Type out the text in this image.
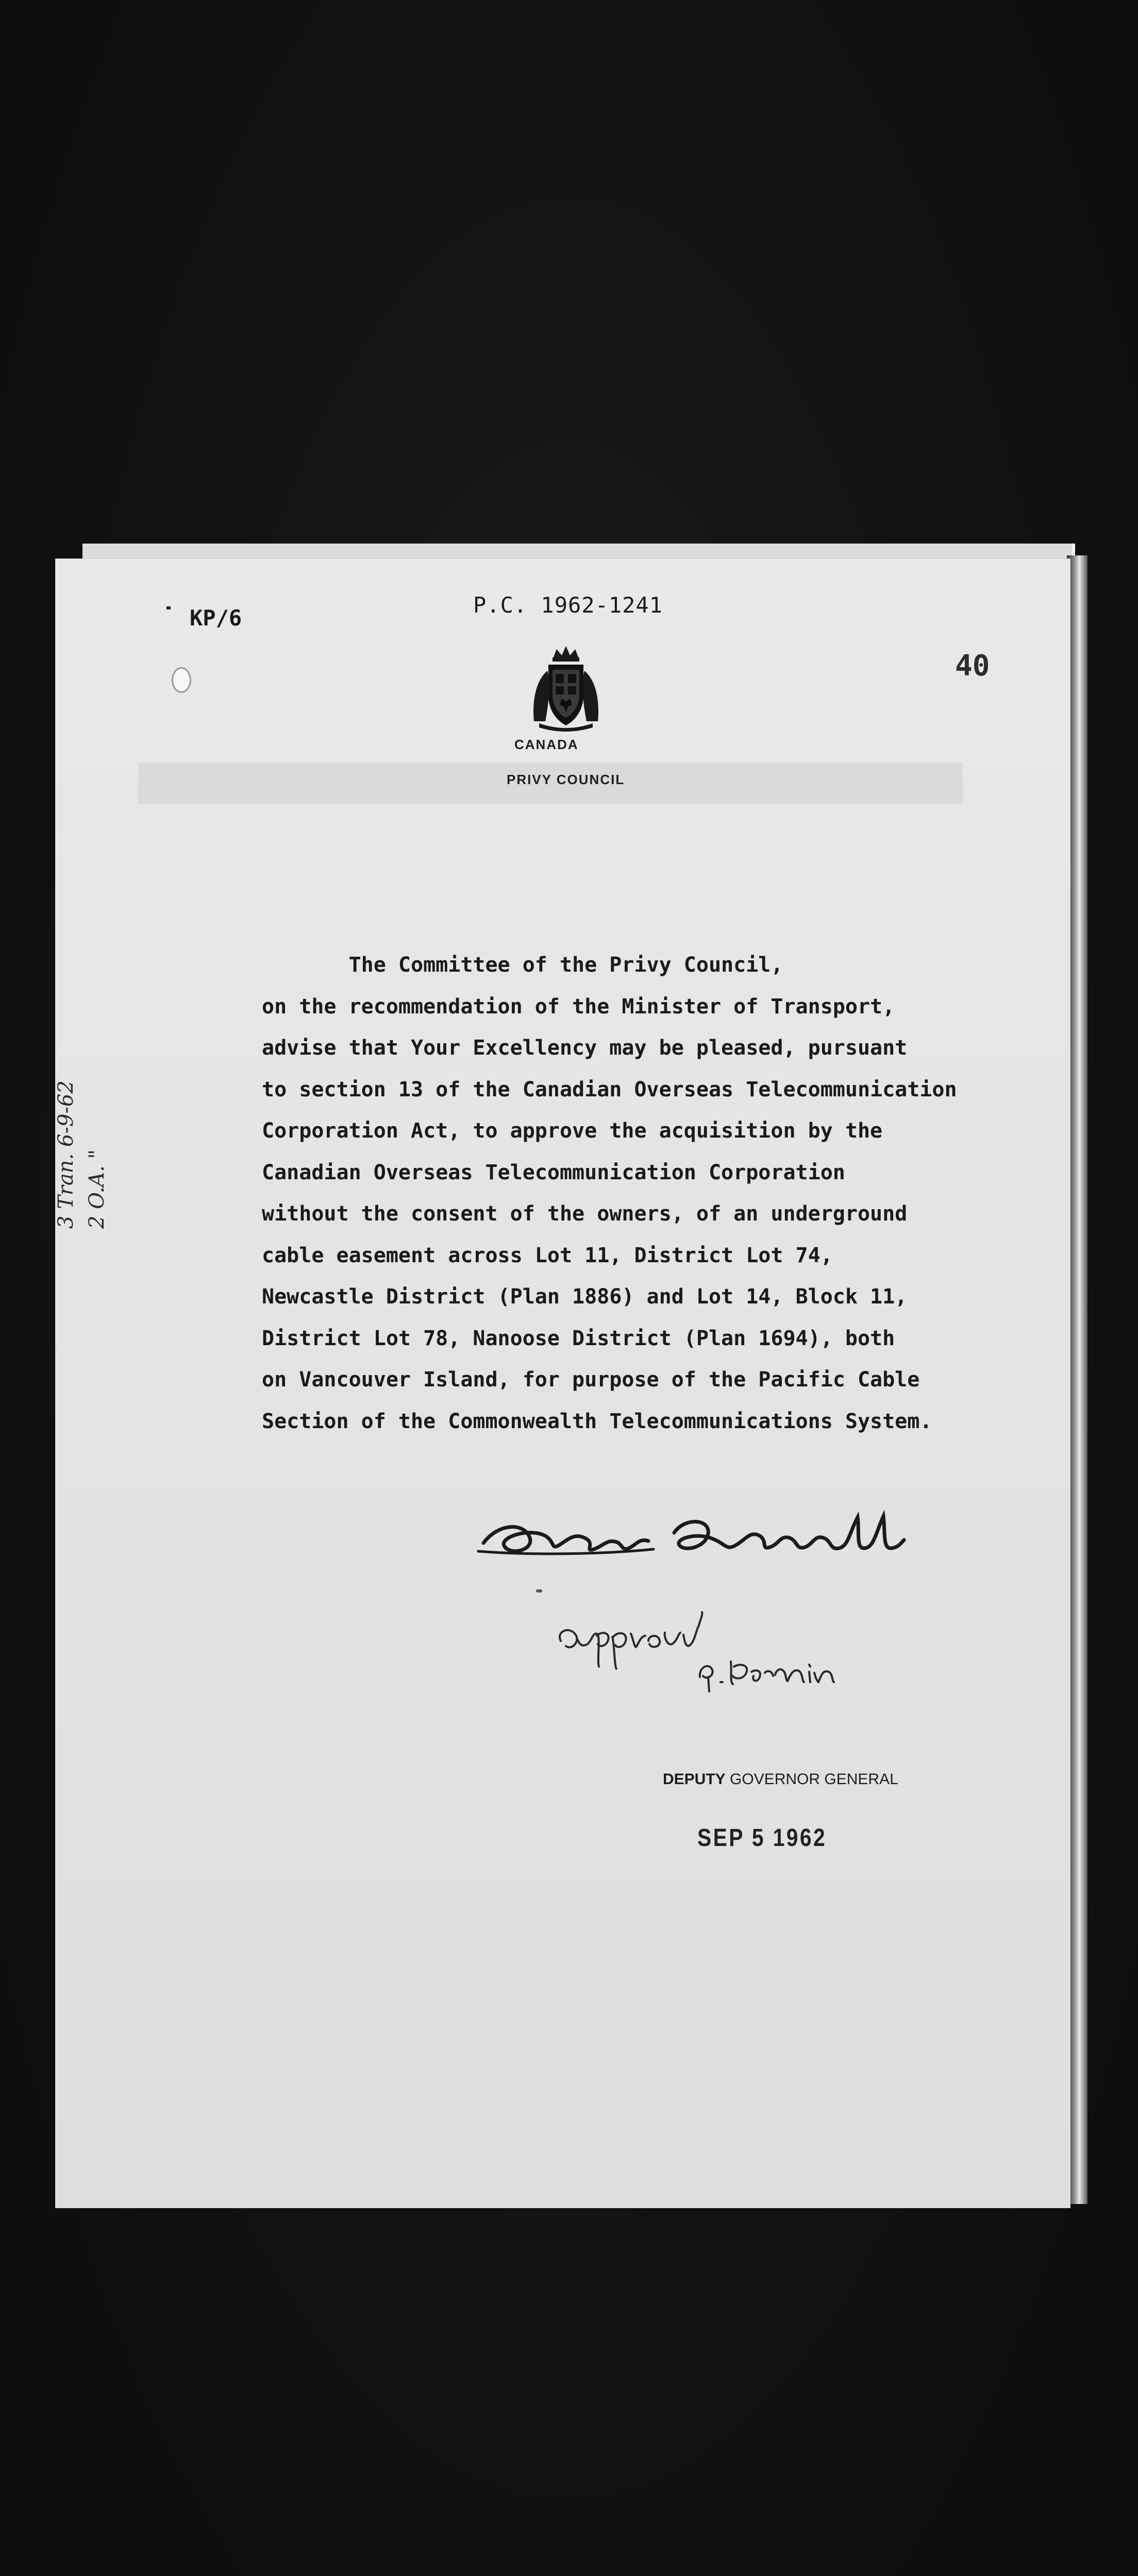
KP/6
P.C. 1962-1241
40
CANADA
PRIVY COUNCIL
The Committee of the Privy Council,
on the recommendation of the Minister of Transport,
advise that Your Excellency may be pleased, pursuant
to section 13 of the Canadian Overseas Telecommunication
Corporation Act, to approve the acquisition by the
Canadian Overseas Telecommunication Corporation
without the consent of the owners, of an underground
cable easement across Lot 11, District Lot 74,
Newcastle District (Plan 1886) and Lot 14, Block 11,
District Lot 78, Nanoose District (Plan 1694), both
on Vancouver Island, for purpose of the Pacific Cable
Section of the Commonwealth Telecommunications System.
3 Tran. 6-9-62 2 O.A. "
DEPUTY GOVERNOR GENERAL
SEP 5 1962
